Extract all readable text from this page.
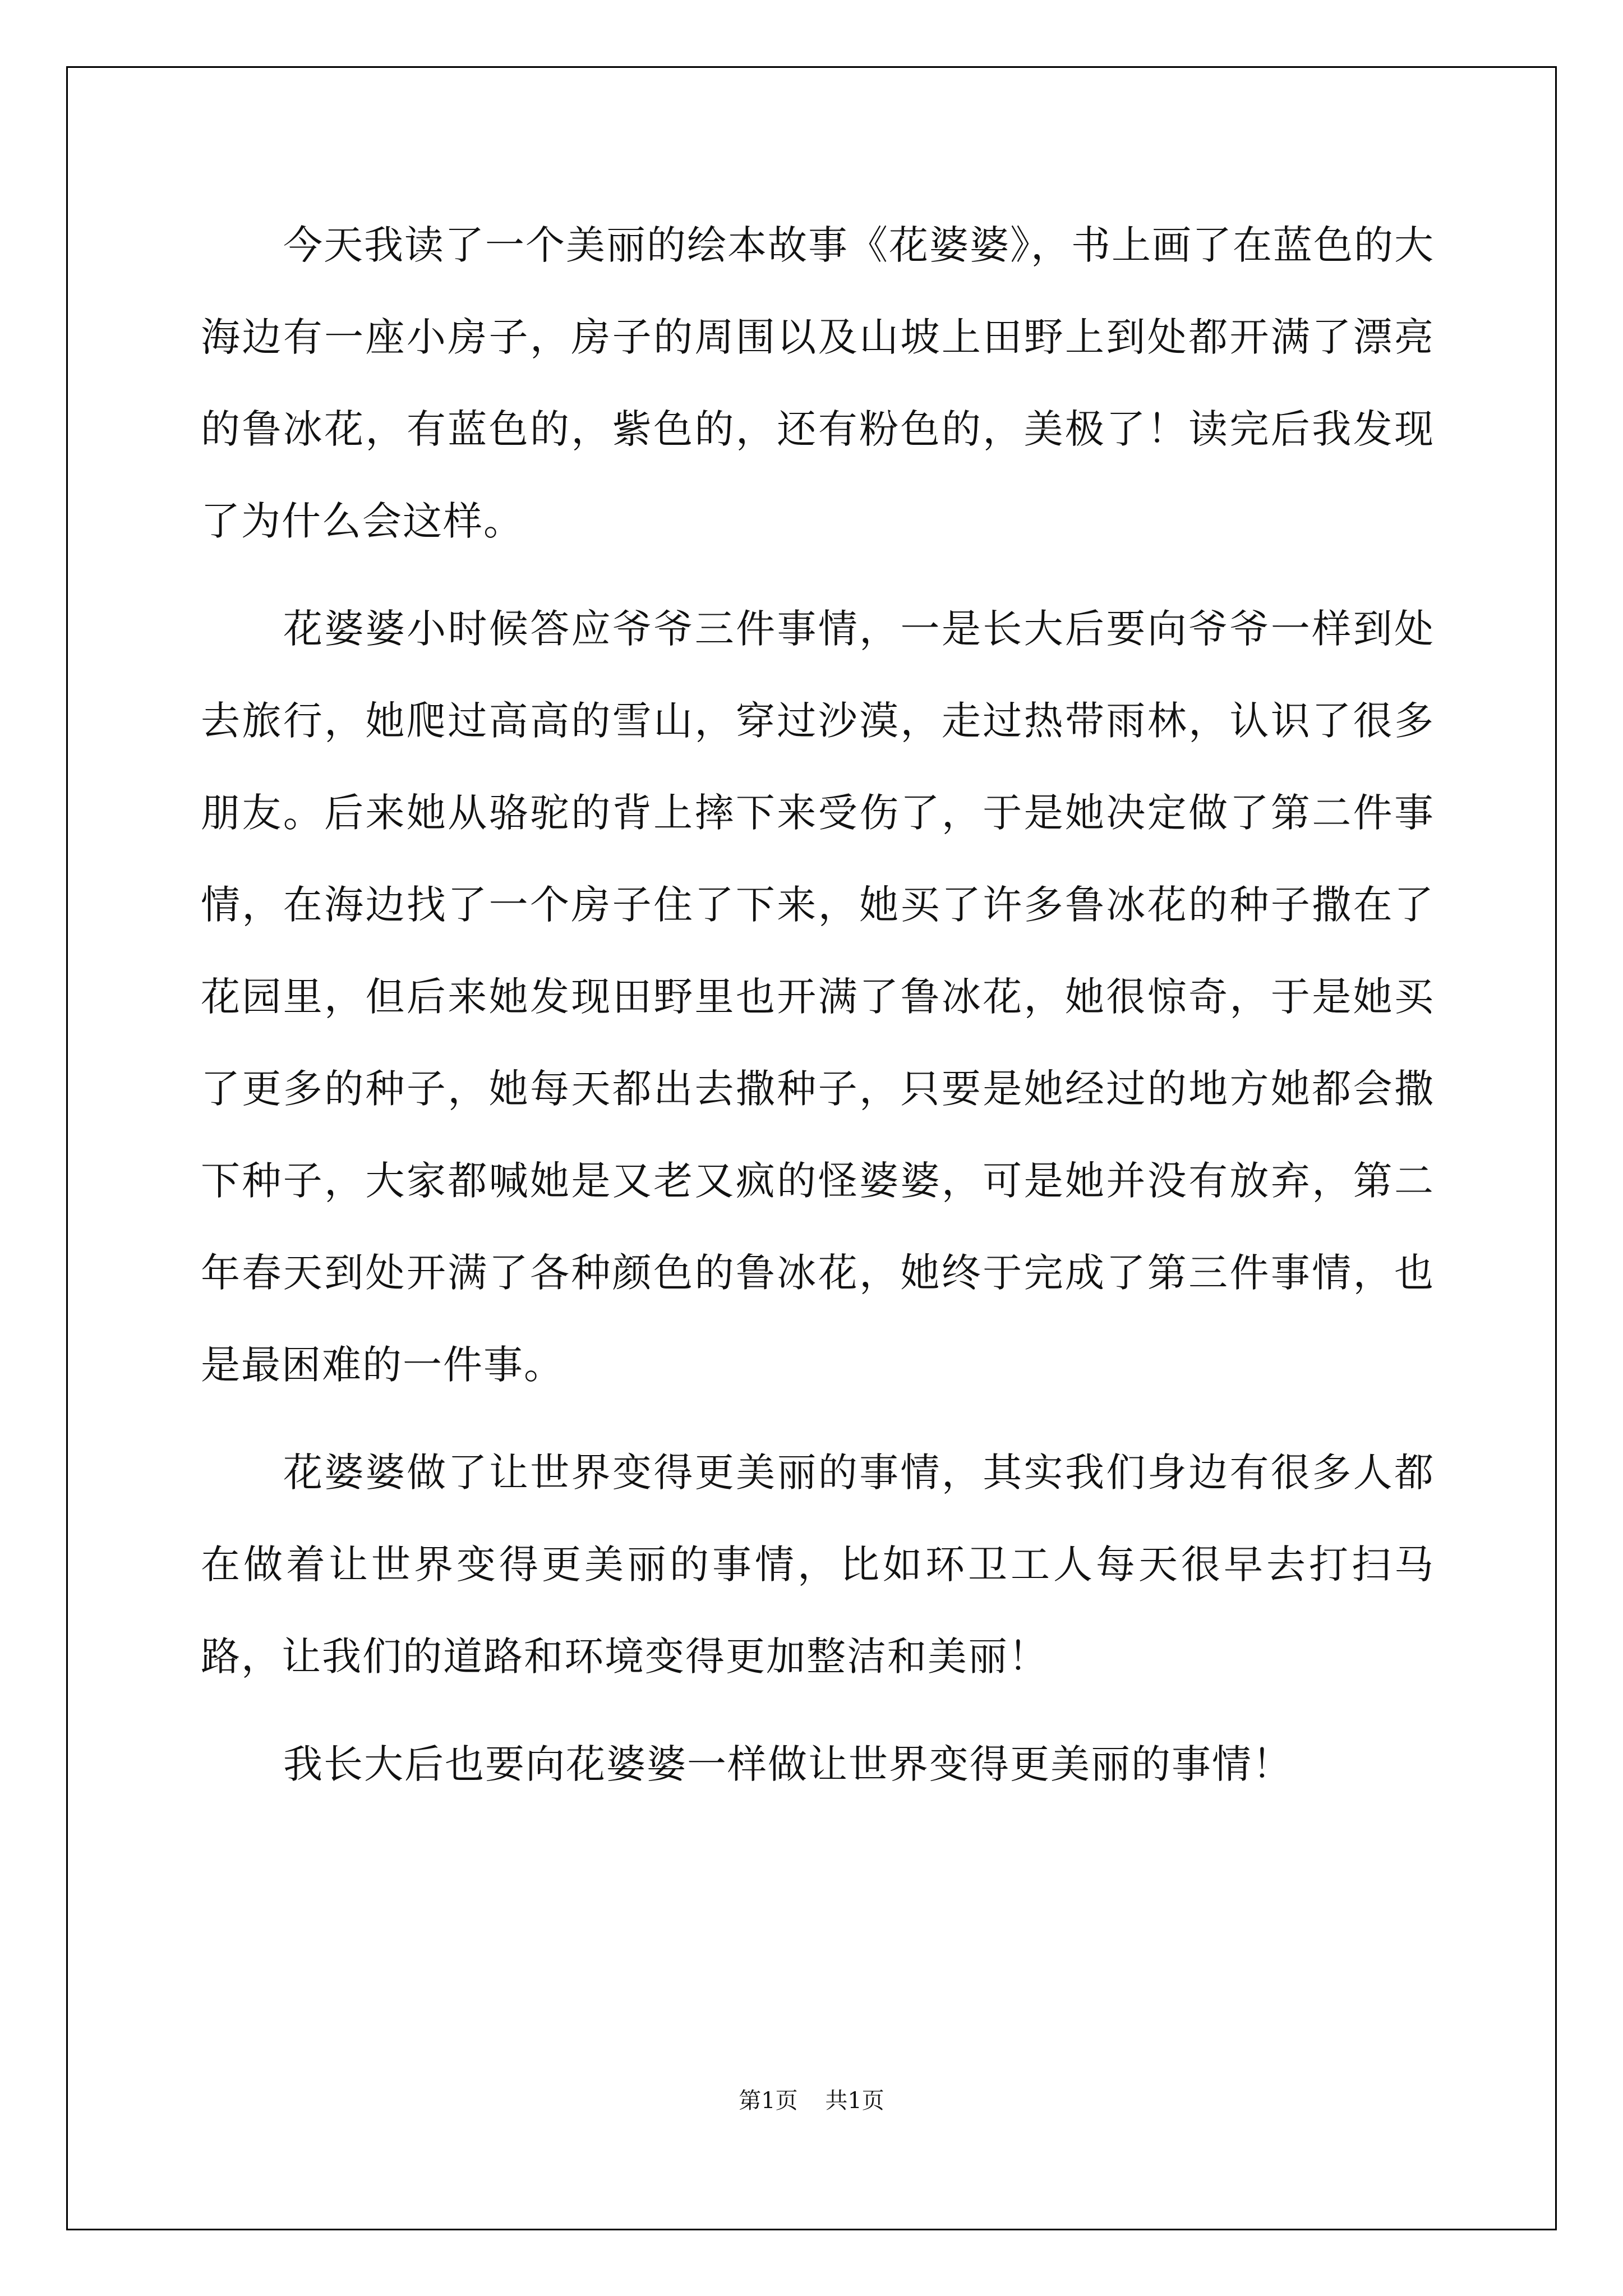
今天我读了一个美丽的绘本故事《花婆婆》，书上画了在蓝色的大海边有一座小房子，房子的周围以及山坡上田野上到处都开满了漂亮的鲁冰花，有蓝色的，紫色的，还有粉色的，美极了！读完后我发现了为什么会这样。

花婆婆小时候答应爷爷三件事情，一是长大后要向爷爷一样到处去旅行，她爬过高高的雪山，穿过沙漠，走过热带雨林，认识了很多朋友。后来她从骆驼的背上摔下来受伤了，于是她决定做了第二件事情，在海边找了一个房子住了下来，她买了许多鲁冰花的种子撒在了花园里，但后来她发现田野里也开满了鲁冰花，她很惊奇，于是她买了更多的种子，她每天都出去撒种子，只要是她经过的地方她都会撒下种子，大家都喊她是又老又疯的怪婆婆，可是她并没有放弃，第二年春天到处开满了各种颜色的鲁冰花，她终于完成了第三件事情，也是最困难的一件事。

花婆婆做了让世界变得更美丽的事情，其实我们身边有很多人都在做着让世界变得更美丽的事情，比如环卫工人每天很早去打扫马路，让我们的道路和环境变得更加整洁和美丽！

我长大后也要向花婆婆一样做让世界变得更美丽的事情！

第1页 共1页
